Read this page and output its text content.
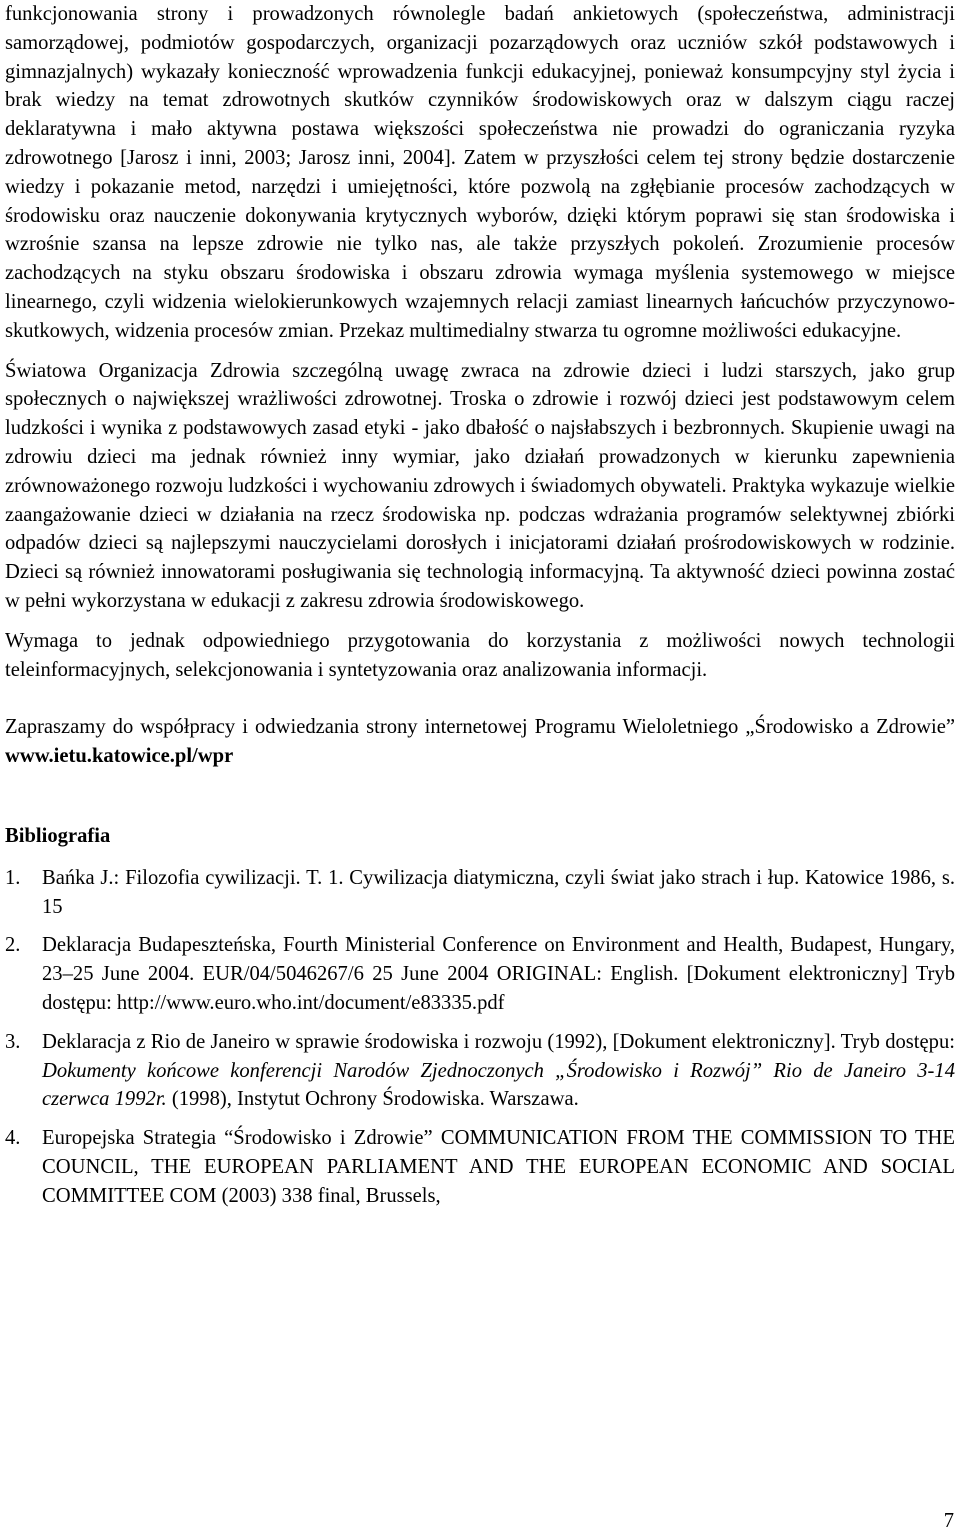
funkcjonowania strony i prowadzonych równolegle badań ankietowych (społeczeństwa, administracji samorządowej, podmiotów gospodarczych, organizacji pozarządowych oraz uczniów szkół podstawowych i gimnazjalnych) wykazały konieczność wprowadzenia funkcji edukacyjnej, ponieważ konsumpcyjny styl życia i brak wiedzy na temat zdrowotnych skutków czynników środowiskowych oraz w dalszym ciągu raczej deklaratywna i mało aktywna postawa większości społeczeństwa nie prowadzi do ograniczania ryzyka zdrowotnego [Jarosz i inni, 2003; Jarosz inni, 2004]. Zatem w przyszłości celem tej strony będzie dostarczenie wiedzy i pokazanie metod, narzędzi i umiejętności, które pozwolą na zgłębianie procesów zachodzących w środowisku oraz nauczenie dokonywania krytycznych wyborów, dzięki którym poprawi się stan środowiska i wzrośnie szansa na lepsze zdrowie nie tylko nas, ale także przyszłych pokoleń. Zrozumienie procesów zachodzących na styku obszaru środowiska i obszaru zdrowia wymaga myślenia systemowego w miejsce linearnego, czyli widzenia wielokierunkowych wzajemnych relacji zamiast linearnych łańcuchów przyczynowo-skutkowych, widzenia procesów zmian. Przekaz multimedialny stwarza tu ogromne możliwości edukacyjne.

Światowa Organizacja Zdrowia szczególną uwagę zwraca na zdrowie dzieci i ludzi starszych, jako grup społecznych o największej wrażliwości zdrowotnej. Troska o zdrowie i rozwój dzieci jest podstawowym celem ludzkości i wynika z podstawowych zasad etyki - jako dbałość o najsłabszych i bezbronnych. Skupienie uwagi na zdrowiu dzieci ma jednak również inny wymiar, jako działań prowadzonych w kierunku zapewnienia zrównoważonego rozwoju ludzkości i wychowaniu zdrowych i świadomych obywateli. Praktyka wykazuje wielkie zaangażowanie dzieci w działania na rzecz środowiska np. podczas wdrażania programów selektywnej zbiórki odpadów dzieci są najlepszymi nauczycielami dorosłych i inicjatorami działań prośrodowiskowych w rodzinie. Dzieci są również innowatorami posługiwania się technologią informacyjną. Ta aktywność dzieci powinna zostać w pełni wykorzystana w edukacji z zakresu zdrowia środowiskowego.

Wymaga to jednak odpowiedniego przygotowania do korzystania z możliwości nowych technologii teleinformacyjnych, selekcjonowania i syntetyzowania oraz analizowania informacji.

Zapraszamy do współpracy i odwiedzania strony internetowej Programu Wieloletniego „Środowisko a Zdrowie” www.ietu.katowice.pl/wpr

Bibliografia
1. Bańka J.: Filozofia cywilizacji. T. 1. Cywilizacja diatymiczna, czyli świat jako strach i łup. Katowice 1986, s. 15
2. Deklaracja Budapeszteńska, Fourth Ministerial Conference on Environment and Health, Budapest, Hungary, 23–25 June 2004. EUR/04/5046267/6 25 June 2004 ORIGINAL: English. [Dokument elektroniczny] Tryb dostępu: http://www.euro.who.int/document/e83335.pdf
3. Deklaracja z Rio de Janeiro w sprawie środowiska i rozwoju (1992), [Dokument elektroniczny]. Tryb dostępu: Dokumenty końcowe konferencji Narodów Zjednoczonych „Środowisko i Rozwój” Rio de Janeiro 3-14 czerwca 1992r. (1998), Instytut Ochrony Środowiska. Warszawa.
4. Europejska Strategia “Środowisko i Zdrowie” COMMUNICATION FROM THE COMMISSION TO THE COUNCIL, THE EUROPEAN PARLIAMENT AND THE EUROPEAN ECONOMIC AND SOCIAL COMMITTEE COM (2003) 338 final, Brussels,
7
